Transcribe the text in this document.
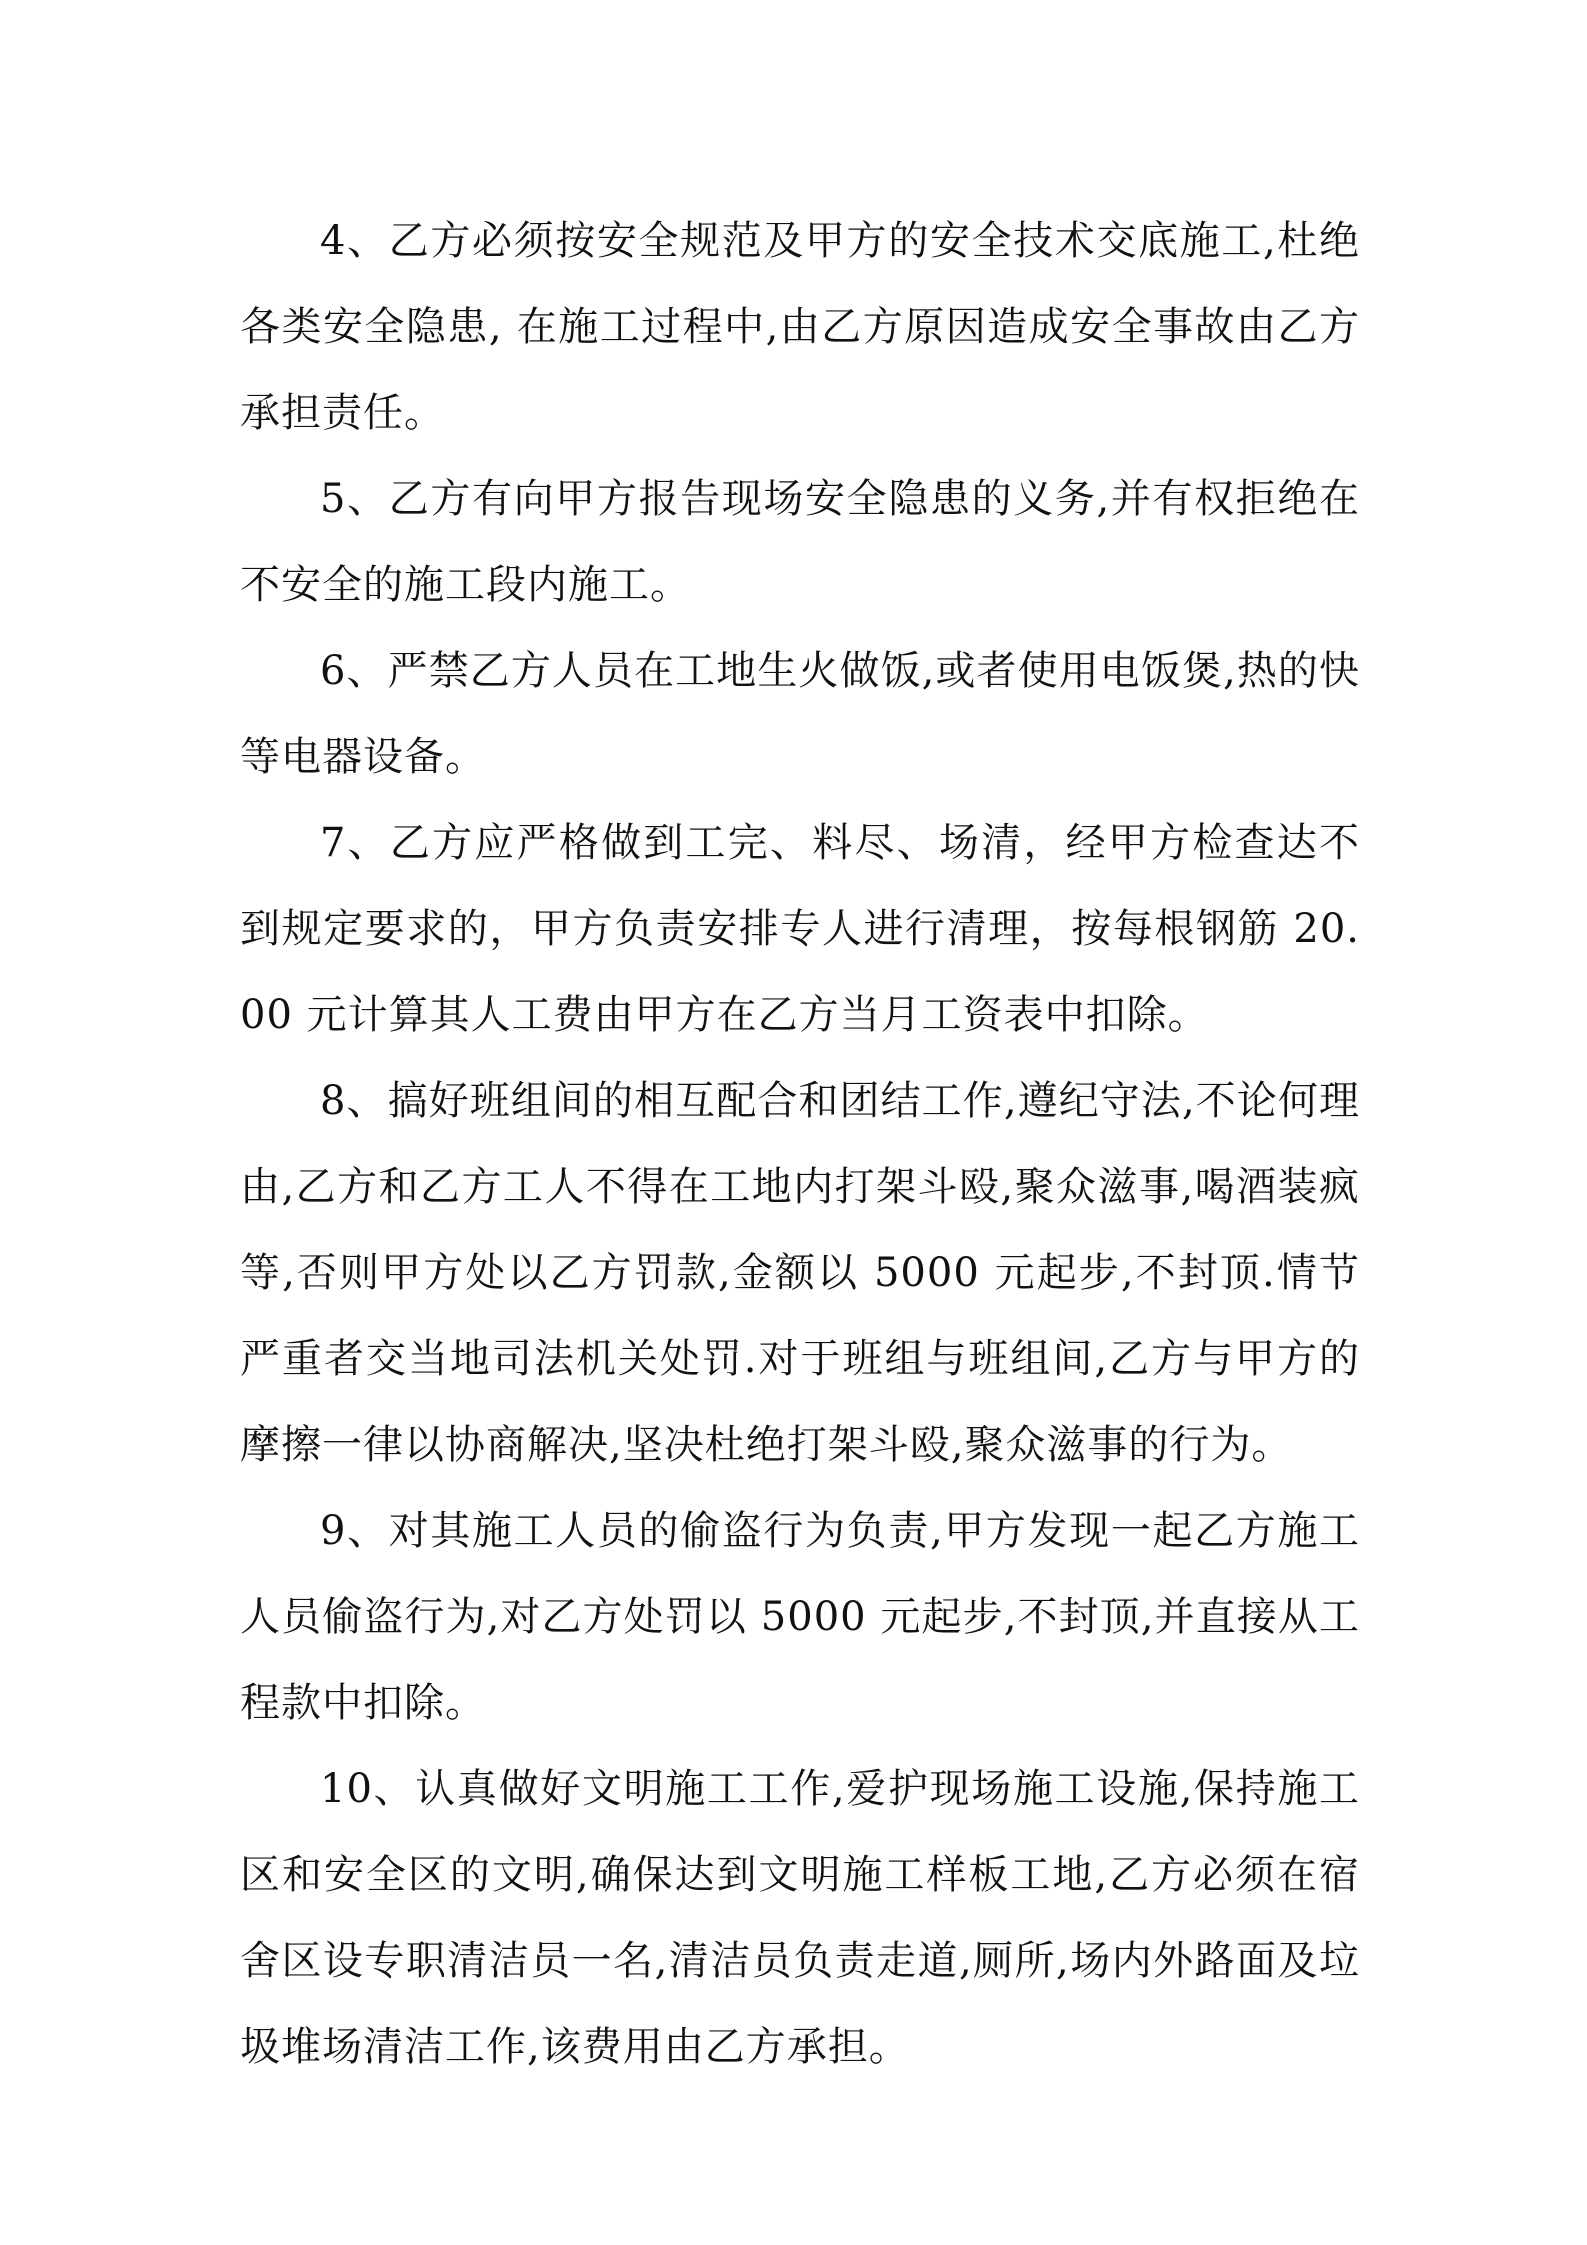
4、乙方必须按安全规范及甲方的安全技术交底施工,杜绝各类安全隐患, 在施工过程中,由乙方原因造成安全事故由乙方承担责任。

5、乙方有向甲方报告现场安全隐患的义务,并有权拒绝在不安全的施工段内施工。

6、严禁乙方人员在工地生火做饭,或者使用电饭煲,热的快等电器设备。

7、乙方应严格做到工完、料尽、场清，经甲方检查达不到规定要求的，甲方负责安排专人进行清理，按每根钢筋 20.00 元计算其人工费由甲方在乙方当月工资表中扣除。

8、搞好班组间的相互配合和团结工作,遵纪守法,不论何理由,乙方和乙方工人不得在工地内打架斗殴,聚众滋事,喝酒装疯等,否则甲方处以乙方罚款,金额以 5000 元起步,不封顶.情节严重者交当地司法机关处罚.对于班组与班组间,乙方与甲方的摩擦一律以协商解决,坚决杜绝打架斗殴,聚众滋事的行为。

9、对其施工人员的偷盗行为负责,甲方发现一起乙方施工人员偷盗行为,对乙方处罚以 5000 元起步,不封顶,并直接从工程款中扣除。

10、认真做好文明施工工作,爱护现场施工设施,保持施工区和安全区的文明,确保达到文明施工样板工地,乙方必须在宿舍区设专职清洁员一名,清洁员负责走道,厕所,场内外路面及垃圾堆场清洁工作,该费用由乙方承担。
